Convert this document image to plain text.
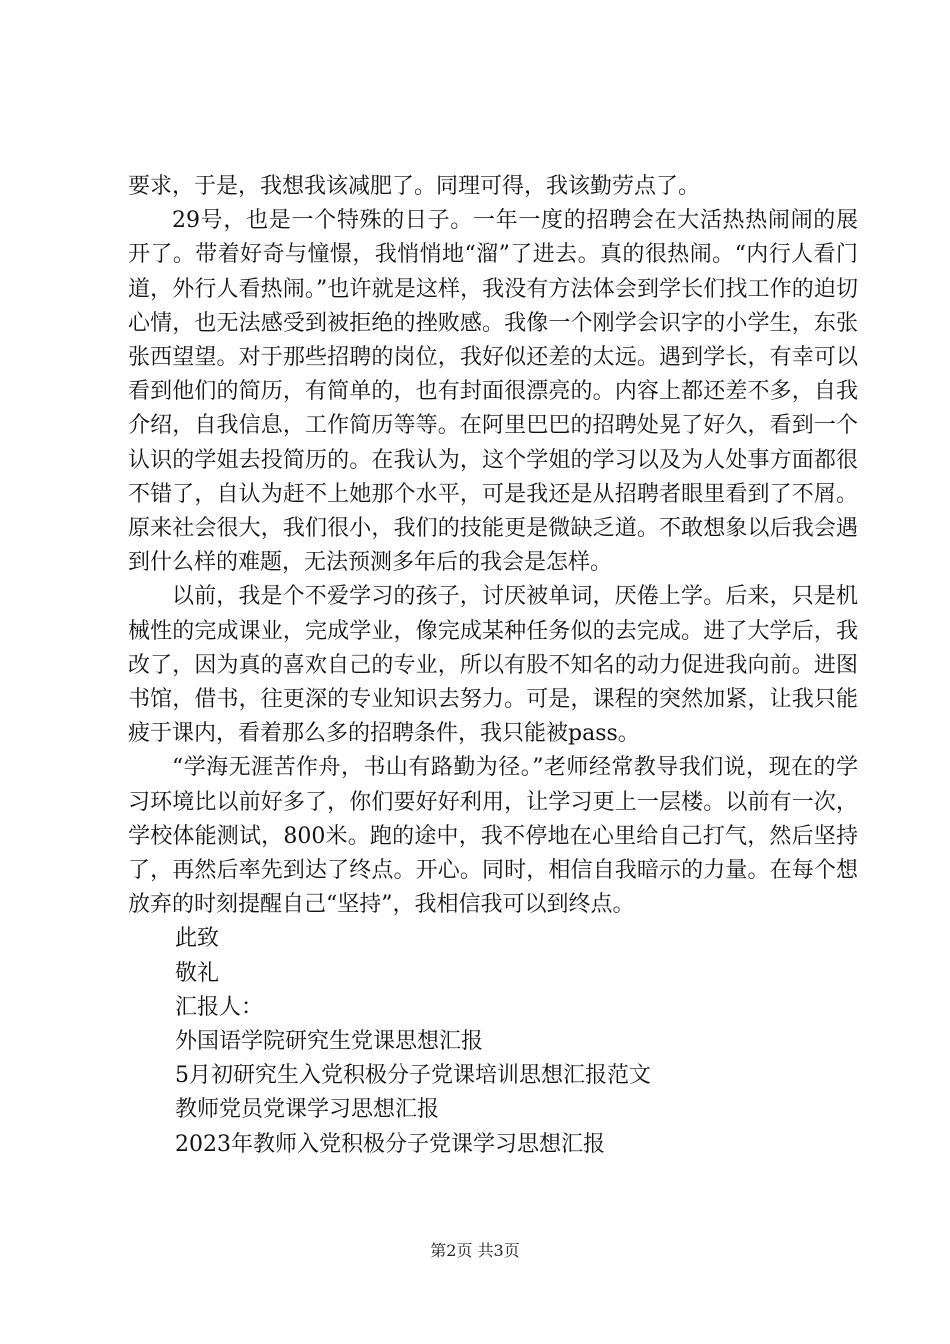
要求，于是，我想我该减肥了。同理可得，我该勤劳点了。

29号，也是一个特殊的日子。一年一度的招聘会在大活热热闹闹的展开了。带着好奇与憧憬，我悄悄地“溜”了进去。真的很热闹。“内行人看门道，外行人看热闹。”也许就是这样，我没有方法体会到学长们找工作的迫切心情，也无法感受到被拒绝的挫败感。我像一个刚学会识字的小学生，东张张西望望。对于那些招聘的岗位，我好似还差的太远。遇到学长，有幸可以看到他们的简历，有简单的，也有封面很漂亮的。内容上都还差不多，自我介绍，自我信息，工作简历等等。在阿里巴巴的招聘处晃了好久，看到一个认识的学姐去投简历的。在我认为，这个学姐的学习以及为人处事方面都很不错了，自认为赶不上她那个水平，可是我还是从招聘者眼里看到了不屑。原来社会很大，我们很小，我们的技能更是微缺乏道。不敢想象以后我会遇到什么样的难题，无法预测多年后的我会是怎样。

以前，我是个不爱学习的孩子，讨厌被单词，厌倦上学。后来，只是机械性的完成课业，完成学业，像完成某种任务似的去完成。进了大学后，我改了，因为真的喜欢自己的专业，所以有股不知名的动力促进我向前。进图书馆，借书，往更深的专业知识去努力。可是，课程的突然加紧，让我只能疲于课内，看着那么多的招聘条件，我只能被pass。

“学海无涯苦作舟，书山有路勤为径。”老师经常教导我们说，现在的学习环境比以前好多了，你们要好好利用，让学习更上一层楼。以前有一次，学校体能测试，800米。跑的途中，我不停地在心里给自己打气，然后坚持了，再然后率先到达了终点。开心。同时，相信自我暗示的力量。在每个想放弃的时刻提醒自己“坚持”，我相信我可以到终点。

此致

敬礼

汇报人：

外国语学院研究生党课思想汇报

5月初研究生入党积极分子党课培训思想汇报范文

教师党员党课学习思想汇报

2023年教师入党积极分子党课学习思想汇报

第2页 共3页
